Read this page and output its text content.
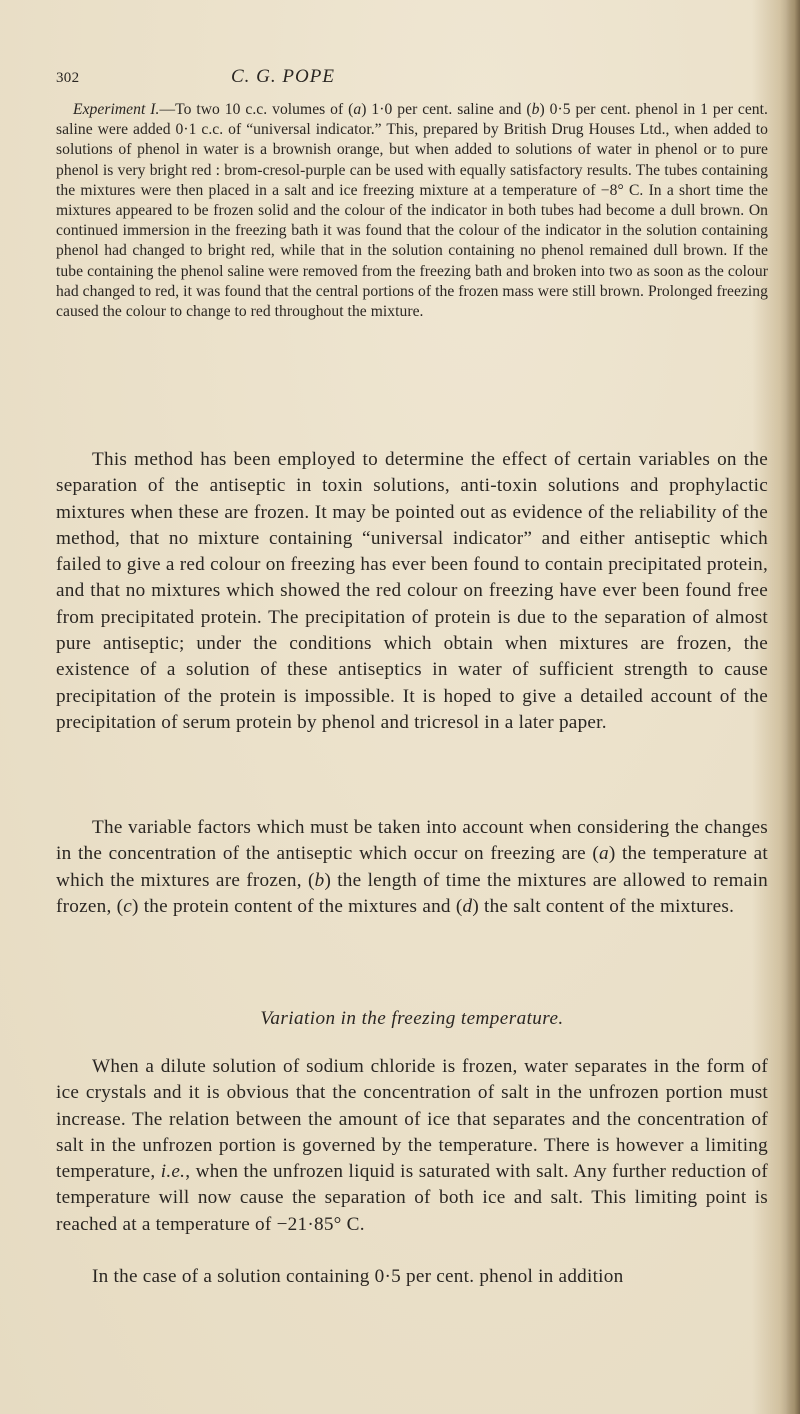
302	C. G. POPE
Experiment I.—To two 10 c.c. volumes of (a) 1·0 per cent. saline and (b) 0·5 per cent. phenol in 1 per cent. saline were added 0·1 c.c. of “universal indicator.” This, prepared by British Drug Houses Ltd., when added to solutions of phenol in water is a brownish orange, but when added to solutions of water in phenol or to pure phenol is very bright red : brom-cresol-purple can be used with equally satisfactory results. The tubes containing the mixtures were then placed in a salt and ice freezing mixture at a temperature of −8° C. In a short time the mixtures appeared to be frozen solid and the colour of the indicator in both tubes had become a dull brown. On continued immersion in the freezing bath it was found that the colour of the indicator in the solution containing phenol had changed to bright red, while that in the solution containing no phenol remained dull brown. If the tube containing the phenol saline were removed from the freezing bath and broken into two as soon as the colour had changed to red, it was found that the central portions of the frozen mass were still brown. Prolonged freezing caused the colour to change to red throughout the mixture.

This method has been employed to determine the effect of certain variables on the separation of the antiseptic in toxin solutions, anti-toxin solutions and prophylactic mixtures when these are frozen. It may be pointed out as evidence of the reliability of the method, that no mixture containing “universal indicator” and either antiseptic which failed to give a red colour on freezing has ever been found to contain precipitated protein, and that no mixtures which showed the red colour on freezing have ever been found free from precipitated protein. The precipitation of protein is due to the separation of almost pure antiseptic; under the conditions which obtain when mixtures are frozen, the existence of a solution of these antiseptics in water of sufficient strength to cause precipitation of the protein is impossible. It is hoped to give a detailed account of the precipitation of serum protein by phenol and tricresol in a later paper.

The variable factors which must be taken into account when considering the changes in the concentration of the antiseptic which occur on freezing are (a) the temperature at which the mixtures are frozen, (b) the length of time the mixtures are allowed to remain frozen, (c) the protein content of the mixtures and (d) the salt content of the mixtures.

Variation in the freezing temperature.

When a dilute solution of sodium chloride is frozen, water separates in the form of ice crystals and it is obvious that the concentration of salt in the unfrozen portion must increase. The relation between the amount of ice that separates and the concentration of salt in the unfrozen portion is governed by the temperature. There is however a limiting temperature, i.e., when the unfrozen liquid is saturated with salt. Any further reduction of temperature will now cause the separation of both ice and salt. This limiting point is reached at a temperature of −21·85° C.

In the case of a solution containing 0·5 per cent. phenol in addition
